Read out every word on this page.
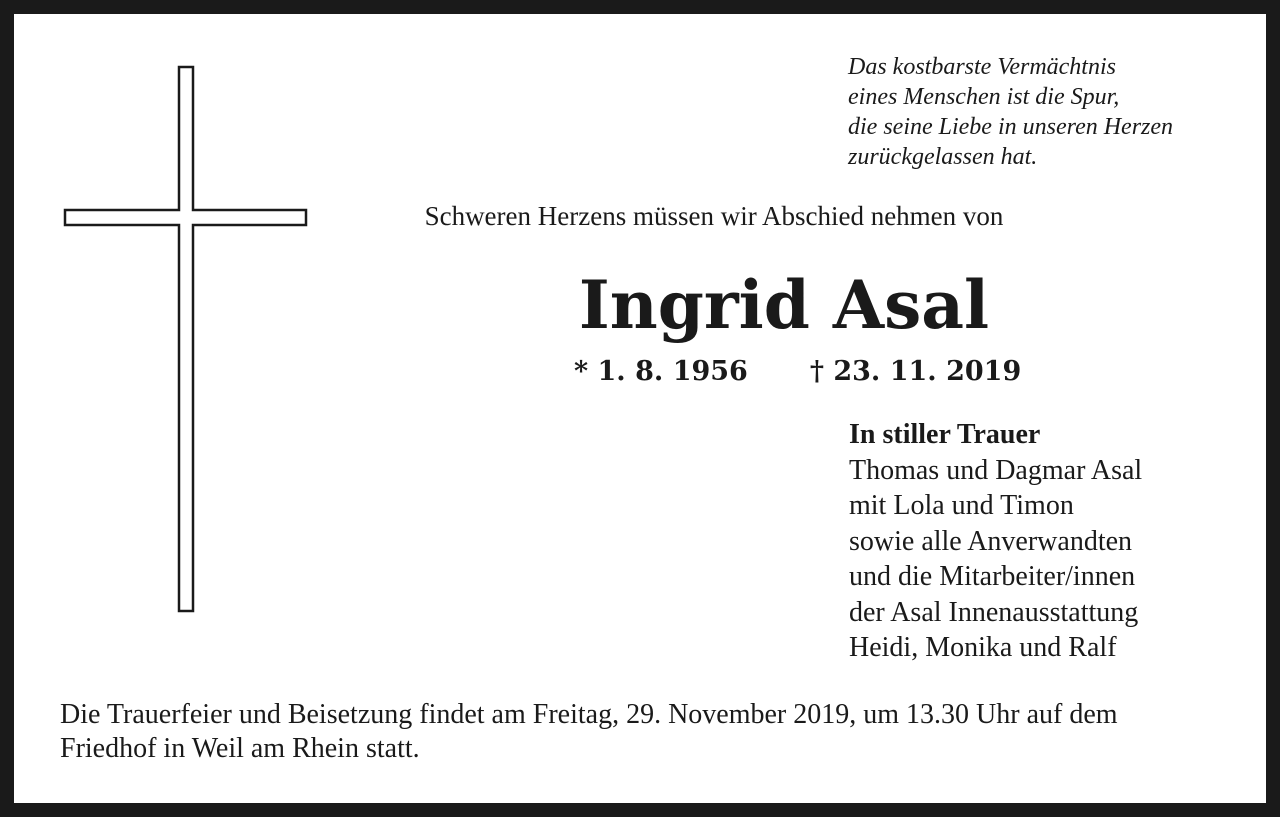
Das kostbarste Vermächtnis
eines Menschen ist die Spur,
die seine Liebe in unseren Herzen
zurückgelassen hat.
Schweren Herzens müssen wir Abschied nehmen von
Ingrid Asal
* 1. 8. 1956 † 23. 11. 2019
In stiller Trauer
Thomas und Dagmar Asal
mit Lola und Timon
sowie alle Anverwandten
und die Mitarbeiter/innen
der Asal Innenausstattung
Heidi, Monika und Ralf
Die Trauerfeier und Beisetzung findet am Freitag, 29. November 2019, um 13.30 Uhr auf dem
Friedhof in Weil am Rhein statt.
